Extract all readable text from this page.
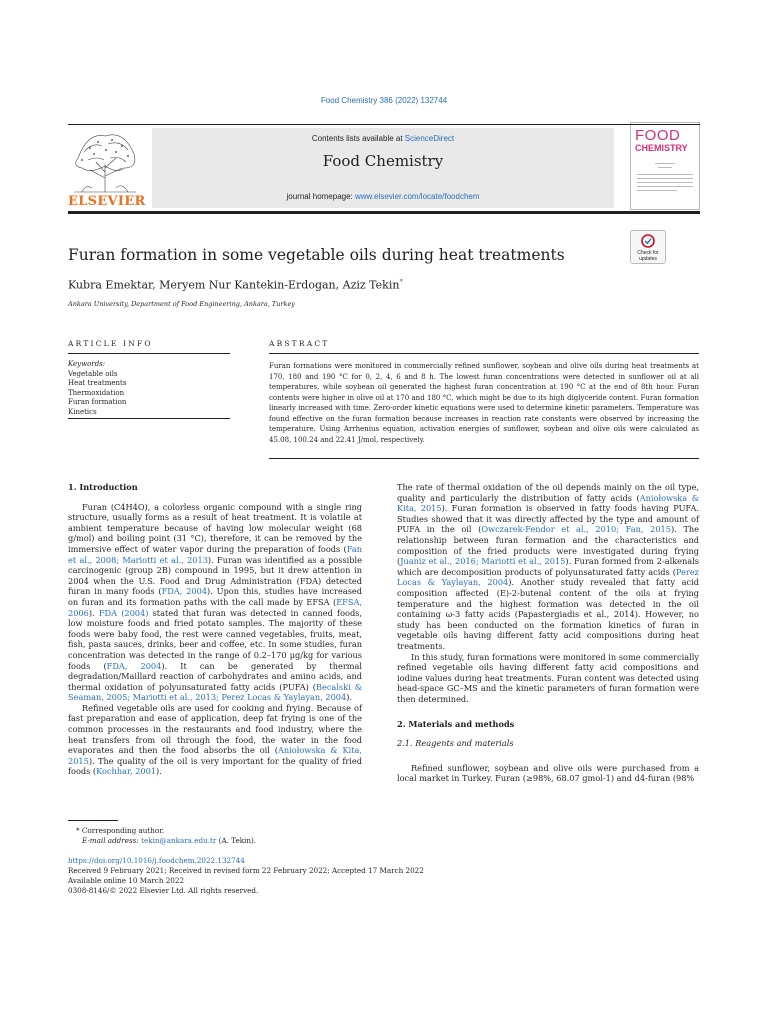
Food Chemistry 386 (2022) 132744
ELSEVIER
Contents lists available at ScienceDirect
Food Chemistry
journal homepage: www.elsevier.com/locate/foodchem
FOOD
CHEMISTRY
Furan formation in some vegetable oils during heat treatments	Check for updates
Kubra Emektar, Meryem Nur Kantekin-Erdogan, Aziz Tekin*
Ankara University, Department of Food Engineering, Ankara, Turkey
ARTICLE INFO	ABSTRACT
Keywords:
Vegetable oils
Heat treatments
Thermoxidation
Furan formation
Kinetics
Furan formations were monitored in commercially refined sunflower, soybean and olive oils during heat treatments at 170, 180 and 190 °C for 0, 2, 4, 6 and 8 h. The lowest furan concentrations were detected in sunflower oil at all temperatures, while soybean oil generated the highest furan concentration at 190 °C at the end of 8th hour. Furan contents were higher in olive oil at 170 and 180 °C, which might be due to its high diglyceride content. Furan formation linearly increased with time. Zero-order kinetic equations were used to determine kinetic parameters. Temperature was found effective on the furan formation because increases in reaction rate constants were observed by increasing the temperature. Using Arrhenius equation, activation energies of sunflower, soybean and olive oils were calculated as 45.08, 100.24 and 22.41 J/mol, respectively.
1. Introduction

Furan (C4H4O), a colorless organic compound with a single ring structure, usually forms as a result of heat treatment. It is volatile at ambient temperature because of having low molecular weight (68 g/mol) and boiling point (31 °C), therefore, it can be removed by the immersive effect of water vapor during the preparation of foods (Fan et al., 2008; Mariotti et al., 2013). Furan was identified as a possible carcinogenic (group 2B) compound in 1995, but it drew attention in 2004 when the U.S. Food and Drug Administration (FDA) detected furan in many foods (FDA, 2004). Upon this, studies have increased on furan and its formation paths with the call made by EFSA (EFSA, 2006). FDA (2004) stated that furan was detected in canned foods, low moisture foods and fried potato samples. The majority of these foods were baby food, the rest were canned vegetables, fruits, meat, fish, pasta sauces, drinks, beer and coffee, etc. In some studies, furan concentration was detected in the range of 0.2–170 μg/kg for various foods (FDA, 2004). It can be generated by thermal degradation/Maillard reaction of carbohydrates and amino acids, and thermal oxidation of polyunsaturated fatty acids (PUFA) (Becalski & Seaman, 2005; Mariotti et al., 2013; Perez Locas & Yaylayan, 2004).

Refined vegetable oils are used for cooking and frying. Because of fast preparation and ease of application, deep fat frying is one of the common processes in the restaurants and food industry, where the heat transfers from oil through the food, the water in the food evaporates and then the food absorbs the oil (Aniołowska & Kita, 2015). The quality of the oil is very important for the quality of fried foods (Kochhar, 2001).

The rate of thermal oxidation of the oil depends mainly on the oil type, quality and particularly the distribution of fatty acids (Aniołowska & Kita, 2015). Furan formation is observed in fatty foods having PUFA. Studies showed that it was directly affected by the type and amount of PUFA in the oil (Owczarek-Fendor et al., 2010; Fan, 2015). The relationship between furan formation and the characteristics and composition of the fried products were investigated during frying (Juaniz et al., 2016; Mariotti et al., 2015). Furan formed from 2-alkenals which are decomposition products of polyunsaturated fatty acids (Perez Locas & Yaylayan, 2004). Another study revealed that fatty acid composition affected (E)-2-butenal content of the oils at frying temperature and the highest formation was detected in the oil containing ω-3 fatty acids (Papastergiadis et al., 2014). However, no study has been conducted on the formation kinetics of furan in vegetable oils having different fatty acid compositions during heat treatments.

In this study, furan formations were monitored in some commercially refined vegetable oils having different fatty acid compositions and iodine values during heat treatments. Furan content was detected using head-space GC–MS and the kinetic parameters of furan formation were then determined.

2. Materials and methods
2.1. Reagents and materials

Refined sunflower, soybean and olive oils were purchased from a local market in Turkey. Furan (≥98%, 68.07 gmol-1) and d4-furan (98%

* Corresponding author.
E-mail address: tekin@ankara.edu.tr (A. Tekin).
https://doi.org/10.1016/j.foodchem.2022.132744
Received 9 February 2021; Received in revised form 22 February 2022; Accepted 17 March 2022
Available online 10 March 2022
0308-8146/© 2022 Elsevier Ltd. All rights reserved.
